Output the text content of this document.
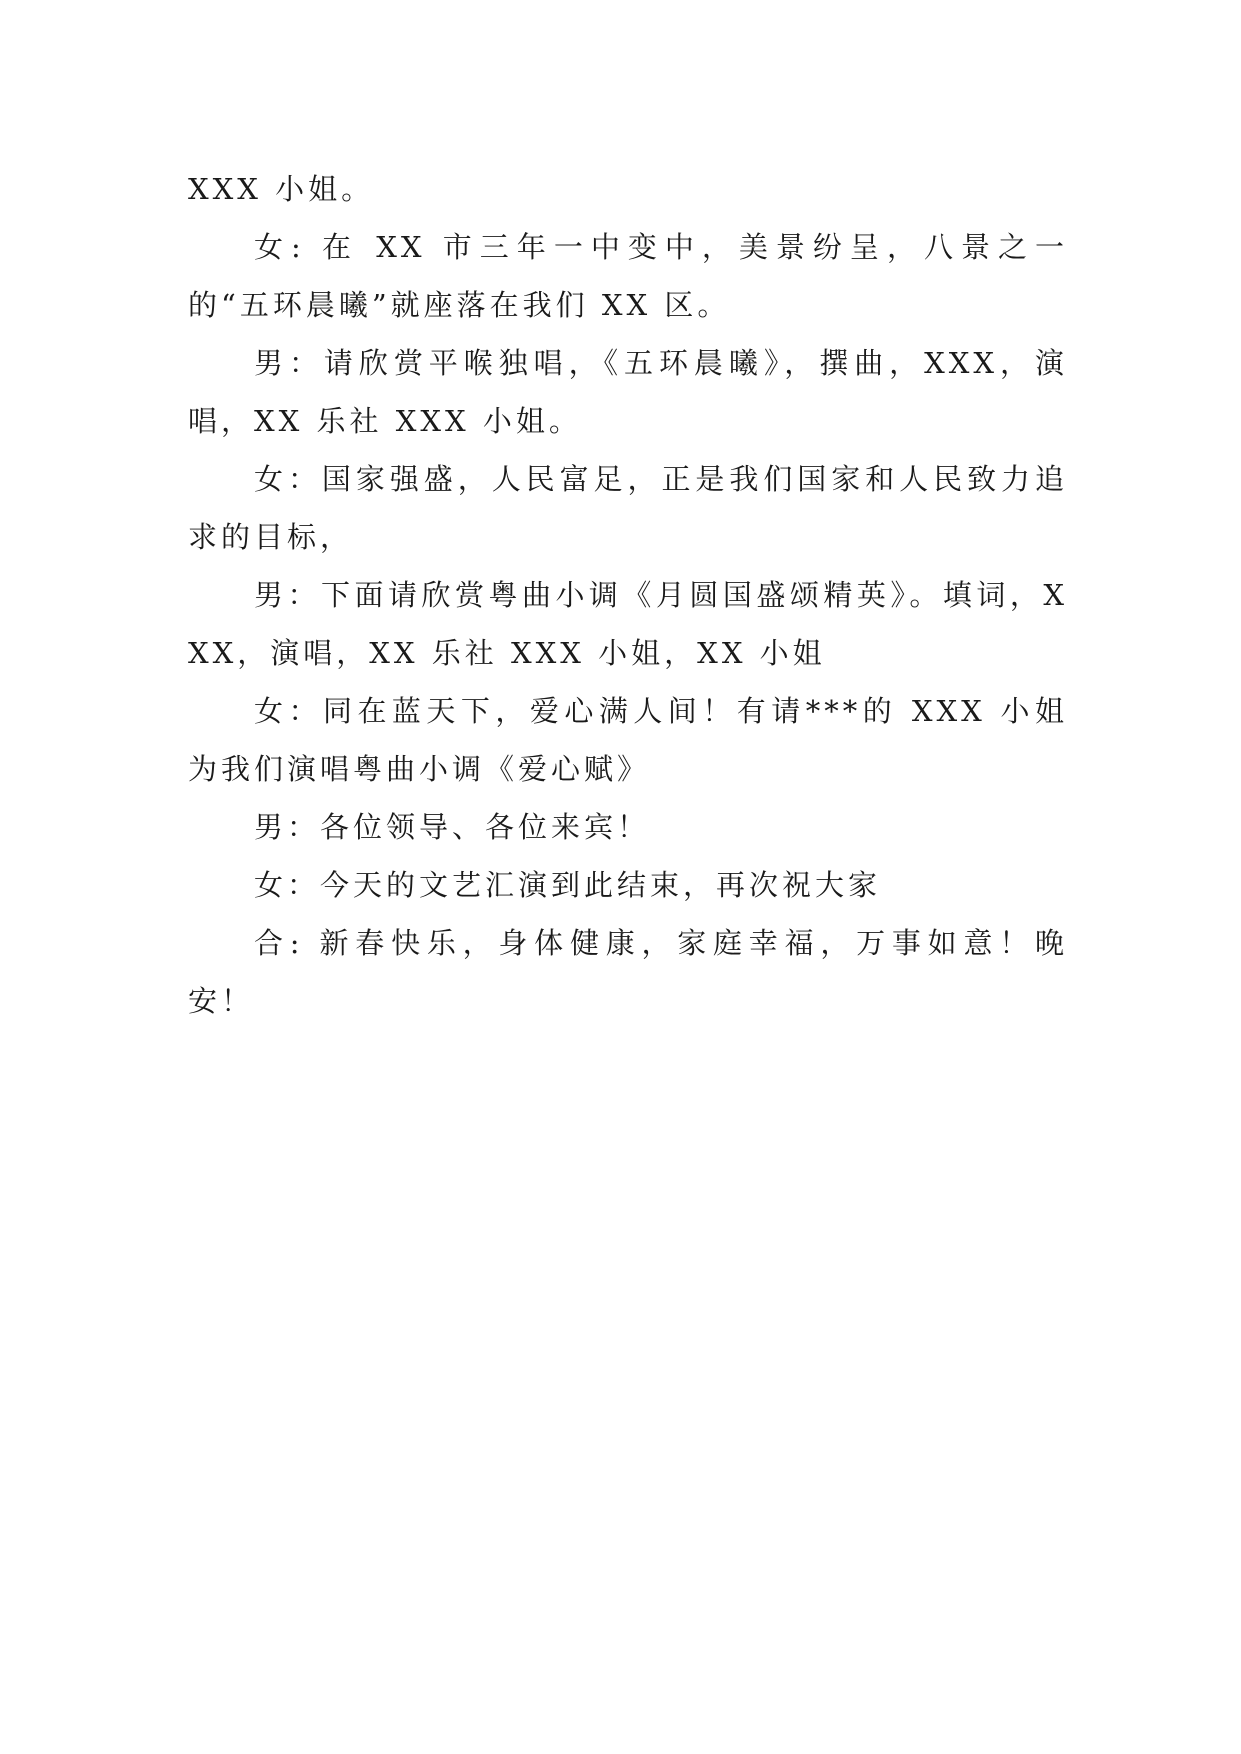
XXX 小姐。

女: 在 XX 市三年一中变中，美景纷呈，八景之一的“五环晨曦”就座落在我们 XX 区。

男：请欣赏平喉独唱，《五环晨曦》，撰曲，XXX，演唱，XX 乐社 XXX 小姐。

女：国家强盛，人民富足，正是我们国家和人民致力追求的目标，

男：下面请欣赏粤曲小调《月圆国盛颂精英》。填词，XXX，演唱，XX 乐社 XXX 小姐，XX 小姐

女：同在蓝天下，爱心满人间！有请***的 XXX 小姐为我们演唱粤曲小调《爱心赋》

男：各位领导、各位来宾！

女：今天的文艺汇演到此结束，再次祝大家

合: 新春快乐，身体健康，家庭幸福，万事如意！晚安！
